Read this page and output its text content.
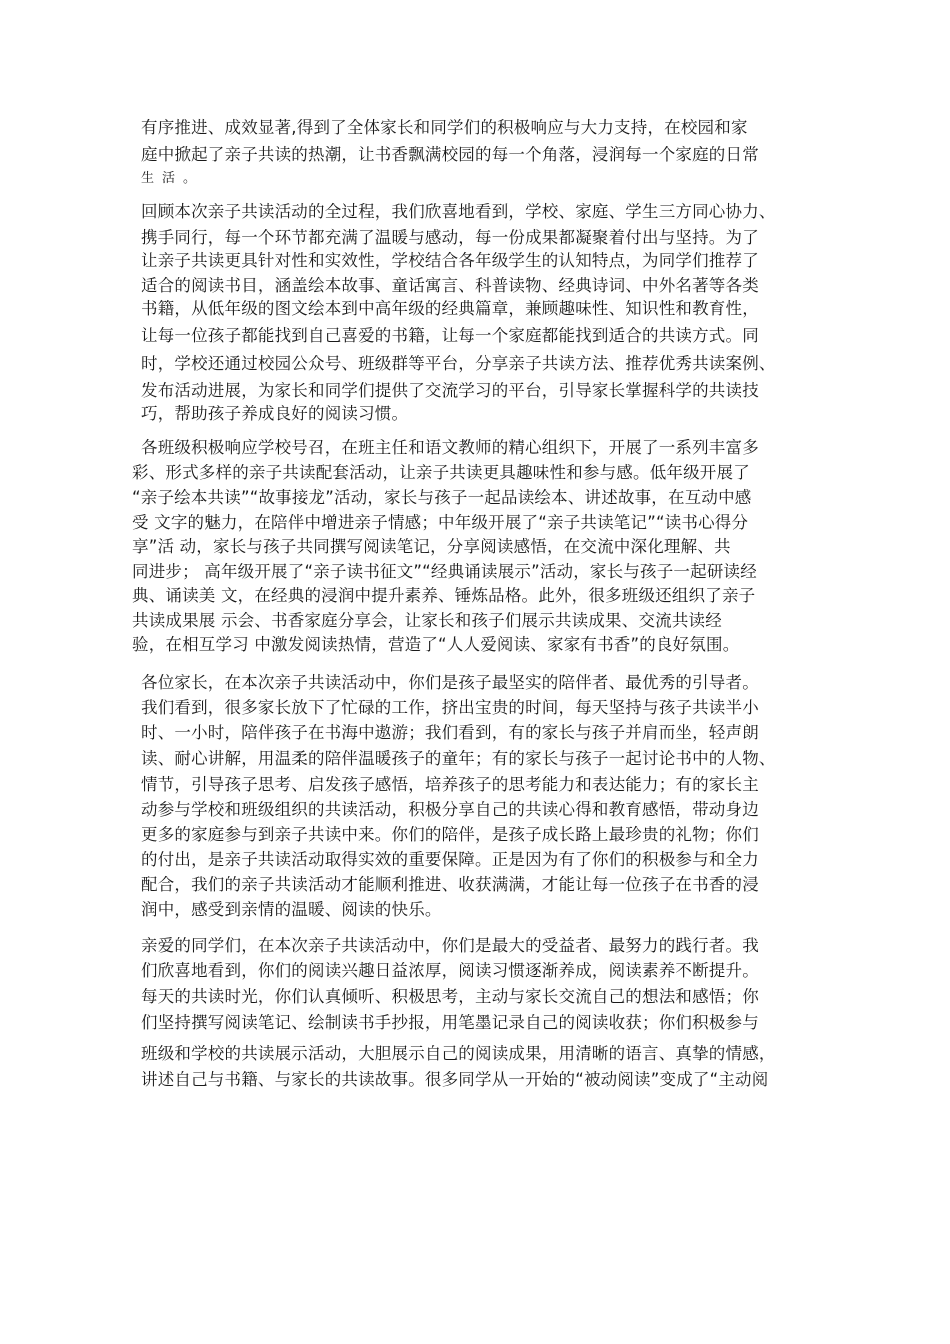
有序推进、成效显著,得到了全体家长和同学们的积极响应与大力支持，在校园和家
庭中掀起了亲子共读的热潮，让书香飘满校园的每一个角落，浸润每一个家庭的日常
生活。
回顾本次亲子共读活动的全过程，我们欣喜地看到，学校、家庭、学生三方同心协力、
携手同行，每一个环节都充满了温暖与感动，每一份成果都凝聚着付出与坚持。为了
让亲子共读更具针对性和实效性，学校结合各年级学生的认知特点，为同学们推荐了
适合的阅读书目，涵盖绘本故事、童话寓言、科普读物、经典诗词、中外名著等各类
书籍，从低年级的图文绘本到中高年级的经典篇章，兼顾趣味性、知识性和教育性，
让每一位孩子都能找到自己喜爱的书籍，让每一个家庭都能找到适合的共读方式。同
时，学校还通过校园公众号、班级群等平台，分享亲子共读方法、推荐优秀共读案例、
发布活动进展，为家长和同学们提供了交流学习的平台，引导家长掌握科学的共读技
巧，帮助孩子养成良好的阅读习惯。
各班级积极响应学校号召，在班主任和语文教师的精心组织下，开展了一系列丰富多
彩、形式多样的亲子共读配套活动，让亲子共读更具趣味性和参与感。低年级开展了
“亲子绘本共读”“故事接龙”活动，家长与孩子一起品读绘本、讲述故事，在互动中感
受 文字的魅力，在陪伴中增进亲子情感；中年级开展了“亲子共读笔记”“读书心得分
享”活 动，家长与孩子共同撰写阅读笔记，分享阅读感悟，在交流中深化理解、共
同进步； 高年级开展了“亲子读书征文”“经典诵读展示”活动，家长与孩子一起研读经
典、诵读美 文，在经典的浸润中提升素养、锤炼品格。此外，很多班级还组织了亲子
共读成果展 示会、书香家庭分享会，让家长和孩子们展示共读成果、交流共读经
验，在相互学习 中激发阅读热情，营造了“人人爱阅读、家家有书香”的良好氛围。
各位家长，在本次亲子共读活动中，你们是孩子最坚实的陪伴者、最优秀的引导者。
我们看到，很多家长放下了忙碌的工作，挤出宝贵的时间，每天坚持与孩子共读半小
时、一小时，陪伴孩子在书海中遨游；我们看到，有的家长与孩子并肩而坐，轻声朗
读、耐心讲解，用温柔的陪伴温暖孩子的童年；有的家长与孩子一起讨论书中的人物、
情节，引导孩子思考、启发孩子感悟，培养孩子的思考能力和表达能力；有的家长主
动参与学校和班级组织的共读活动，积极分享自己的共读心得和教育感悟，带动身边
更多的家庭参与到亲子共读中来。你们的陪伴，是孩子成长路上最珍贵的礼物；你们
的付出，是亲子共读活动取得实效的重要保障。正是因为有了你们的积极参与和全力
配合，我们的亲子共读活动才能顺利推进、收获满满，才能让每一位孩子在书香的浸
润中，感受到亲情的温暖、阅读的快乐。
亲爱的同学们，在本次亲子共读活动中，你们是最大的受益者、最努力的践行者。我
们欣喜地看到，你们的阅读兴趣日益浓厚，阅读习惯逐渐养成，阅读素养不断提升。
每天的共读时光，你们认真倾听、积极思考，主动与家长交流自己的想法和感悟；你
们坚持撰写阅读笔记、绘制读书手抄报，用笔墨记录自己的阅读收获；你们积极参与
班级和学校的共读展示活动，大胆展示自己的阅读成果，用清晰的语言、真挚的情感，
讲述自己与书籍、与家长的共读故事。很多同学从一开始的“被动阅读”变成了“主动阅
